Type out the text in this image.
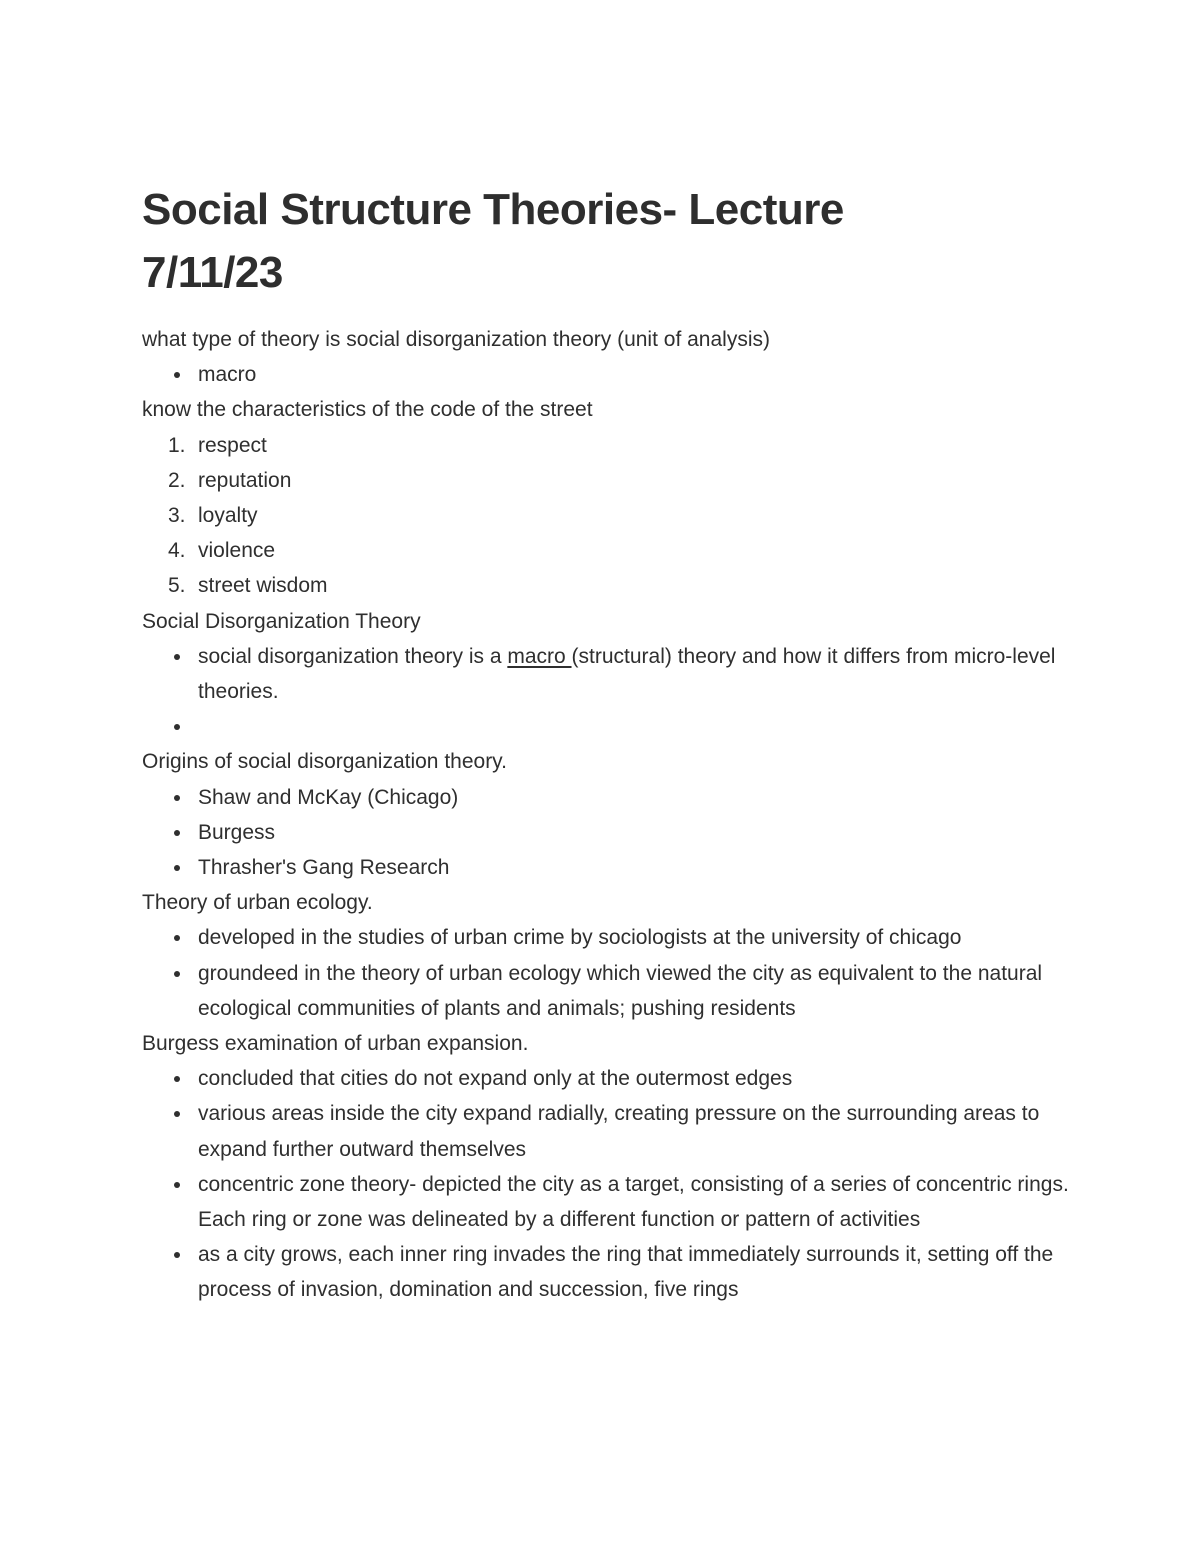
Social Structure Theories- Lecture
7/11/23

what type of theory is social disorganization theory (unit of analysis)

macro

know the characteristics of the code of the street

1. respect
2. reputation
3. loyalty
4. violence
5. street wisdom

Social Disorganization Theory

social disorganization theory is a macro (structural) theory and how it differs from micro-level theories.

Origins of social disorganization theory.

Shaw and McKay (Chicago)
Burgess
Thrasher's Gang Research

Theory of urban ecology.

developed in the studies of urban crime by sociologists at the university of chicago
groundeed in the theory of urban ecology which viewed the city as equivalent to the natural ecological communities of plants and animals; pushing residents

Burgess examination of urban expansion.

concluded that cities do not expand only at the outermost edges
various areas inside the city expand radially, creating pressure on the surrounding areas to expand further outward themselves
concentric zone theory- depicted the city as a target, consisting of a series of concentric rings. Each ring or zone was delineated by a different function or pattern of activities
as a city grows, each inner ring invades the ring that immediately surrounds it, setting off the process of invasion, domination and succession, five rings
